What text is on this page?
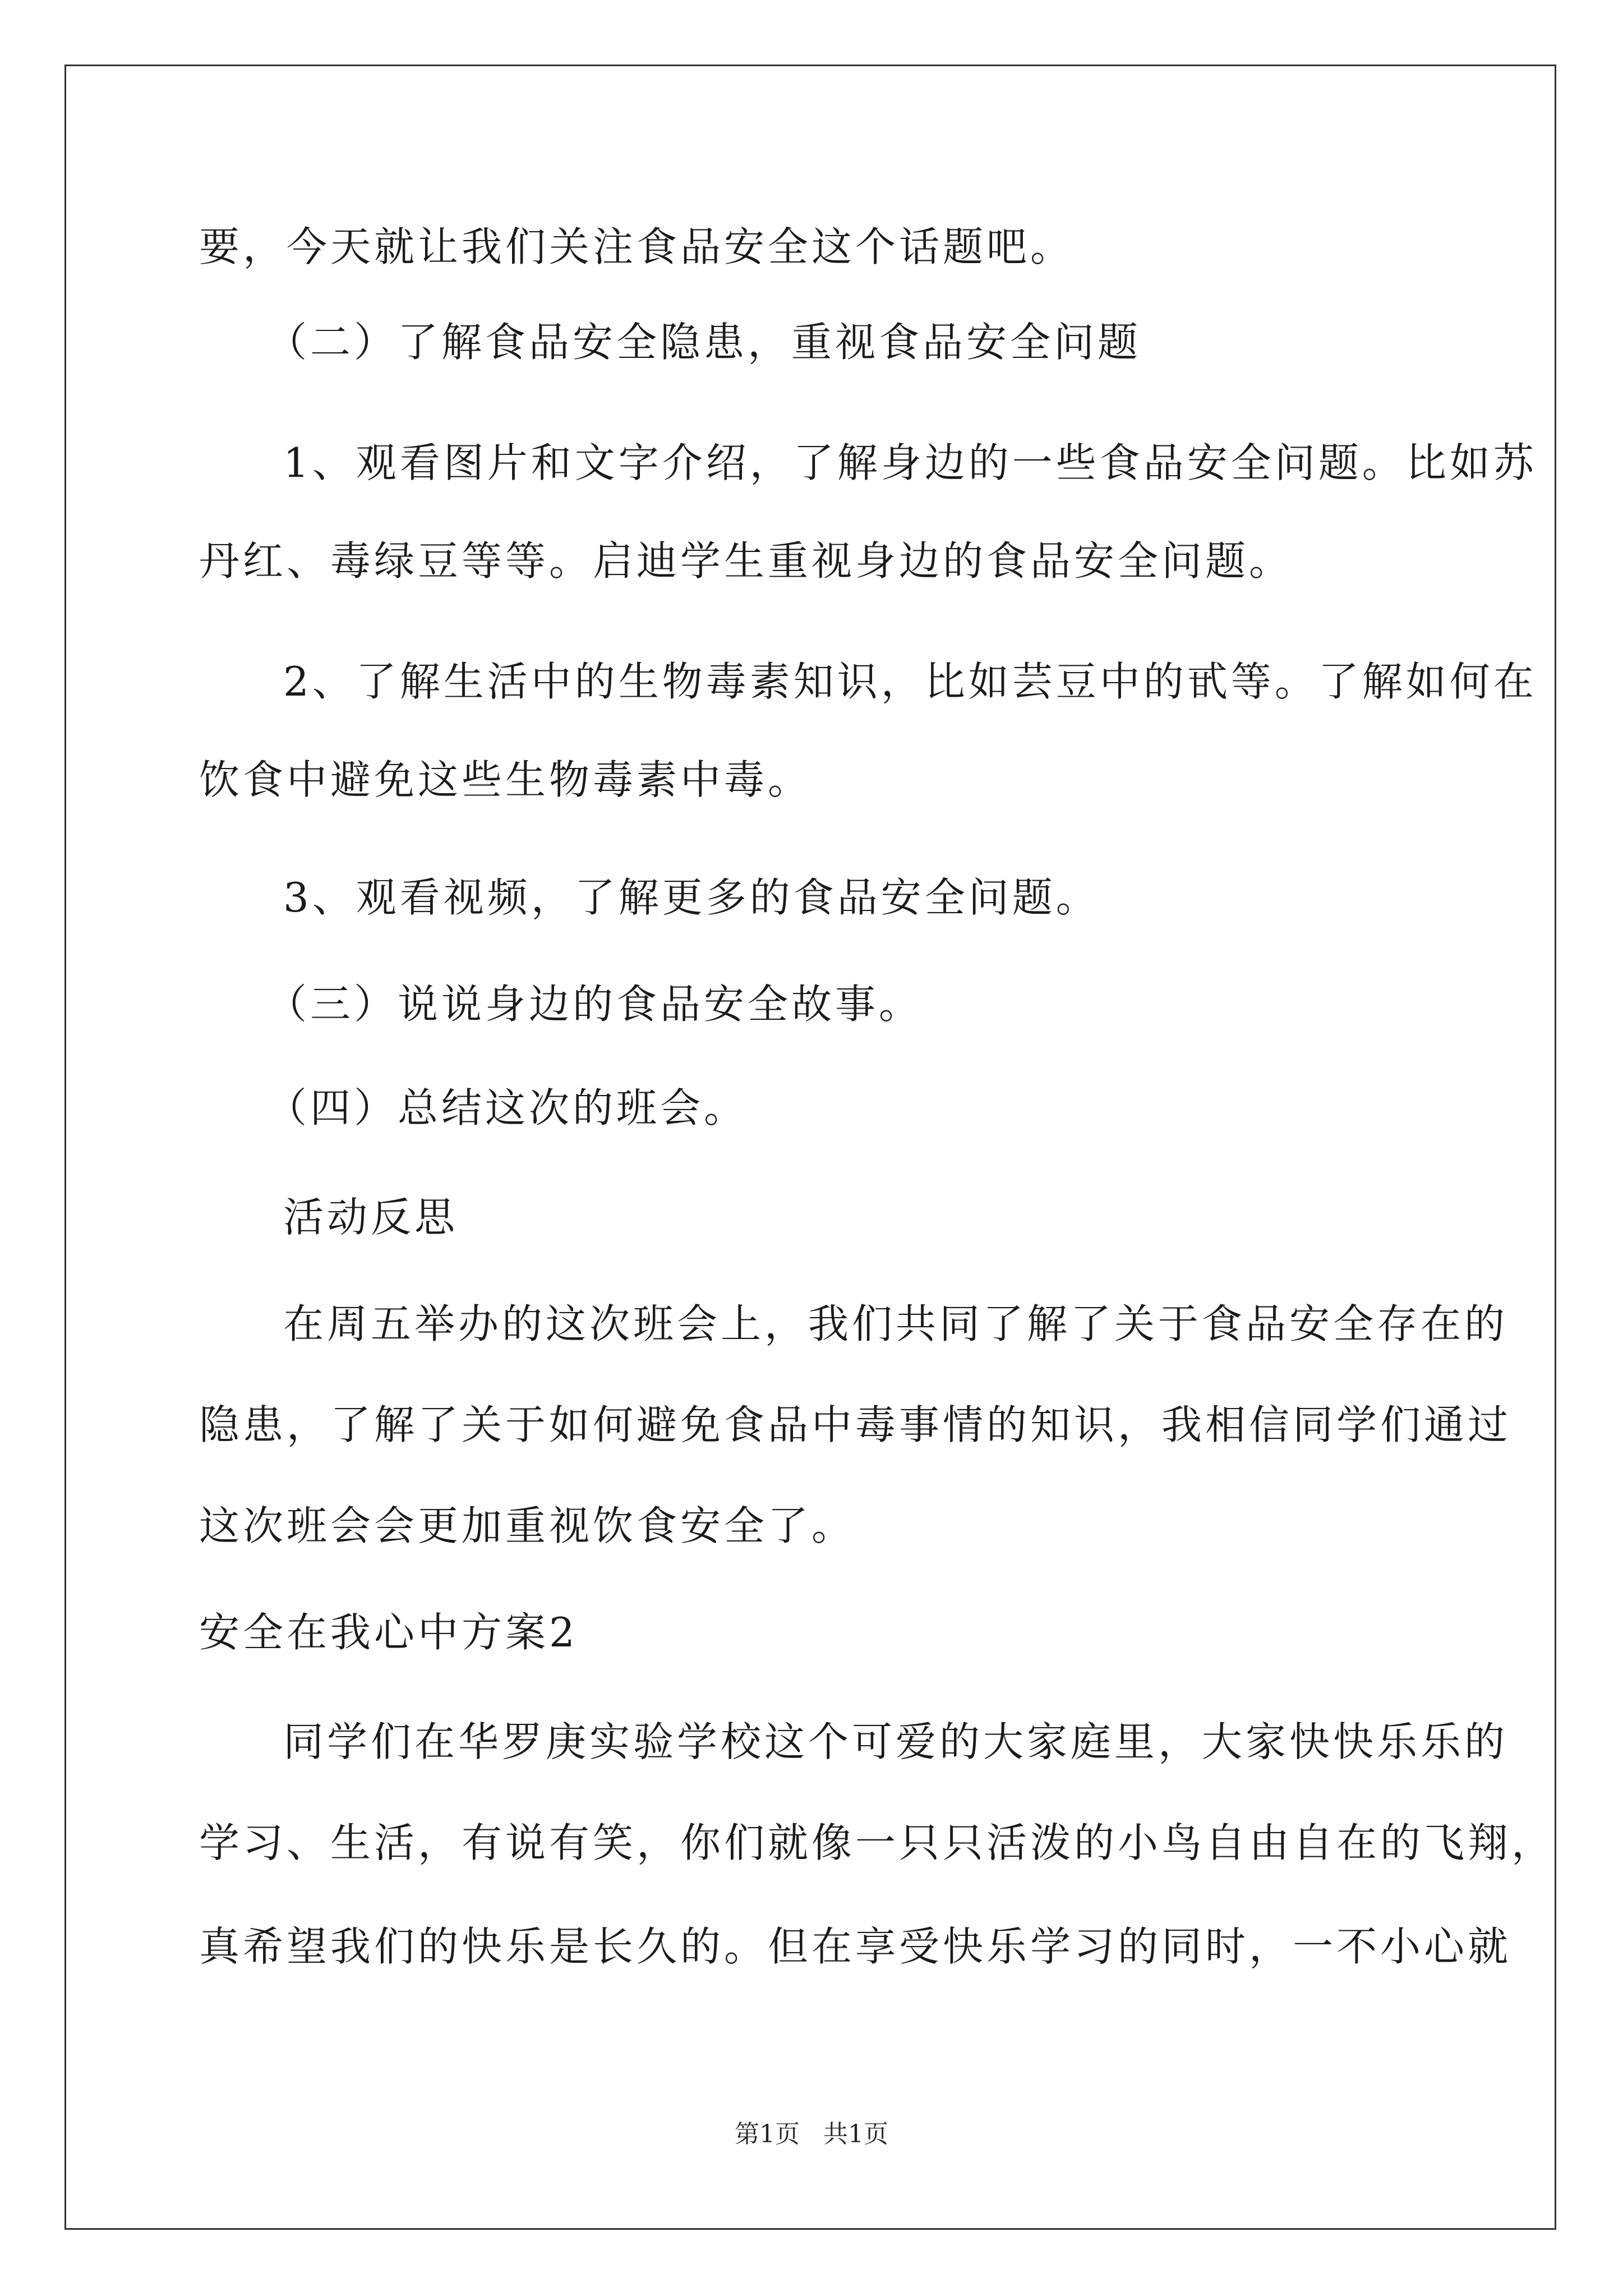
要，今天就让我们关注食品安全这个话题吧。
（二）了解食品安全隐患，重视食品安全问题
1、观看图片和文字介绍，了解身边的一些食品安全问题。比如苏
丹红、毒绿豆等等。启迪学生重视身边的食品安全问题。
2、了解生活中的生物毒素知识，比如芸豆中的甙等。了解如何在
饮食中避免这些生物毒素中毒。
3、观看视频，了解更多的食品安全问题。
（三）说说身边的食品安全故事。
（四）总结这次的班会。
活动反思
在周五举办的这次班会上，我们共同了解了关于食品安全存在的
隐患，了解了关于如何避免食品中毒事情的知识，我相信同学们通过
这次班会会更加重视饮食安全了。
安全在我心中方案2
同学们在华罗庚实验学校这个可爱的大家庭里，大家快快乐乐的
学习、生活，有说有笑，你们就像一只只活泼的小鸟自由自在的飞翔，
真希望我们的快乐是长久的。但在享受快乐学习的同时，一不小心就
第1页   共1页
